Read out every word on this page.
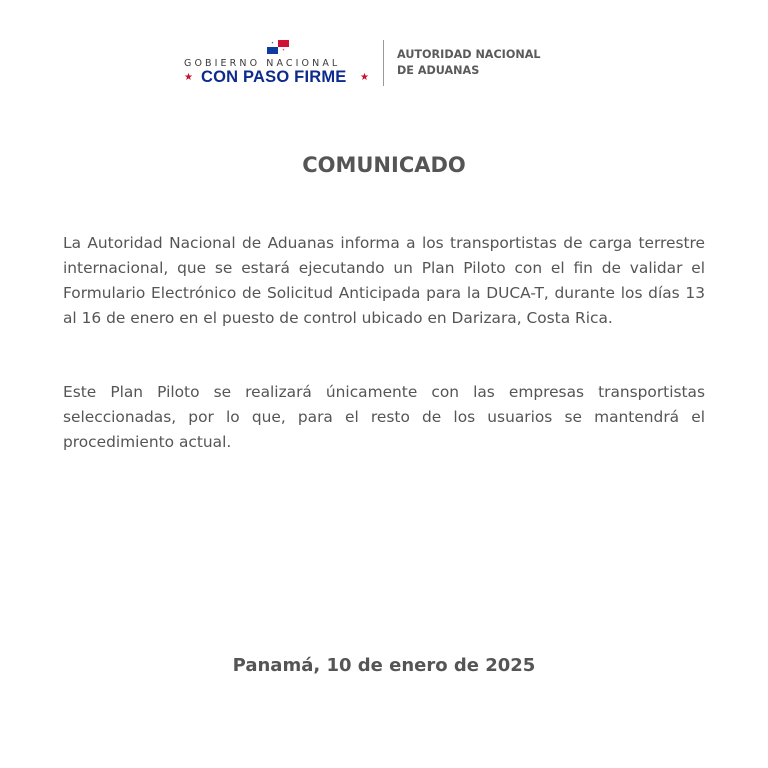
GOBIERNO NACIONAL
★ CON PASO FIRME ★
AUTORIDAD NACIONAL
DE ADUANAS
COMUNICADO

La Autoridad Nacional de Aduanas informa a los transportistas de carga terrestre internacional, que se estará ejecutando un Plan Piloto con el fin de validar el Formulario Electrónico de Solicitud Anticipada para la DUCA-T, durante los días 13 al 16 de enero en el puesto de control ubicado en Darizara, Costa Rica.

Este Plan Piloto se realizará únicamente con las empresas transportistas seleccionadas, por lo que, para el resto de los usuarios se mantendrá el procedimiento actual.

Panamá, 10 de enero de 2025
